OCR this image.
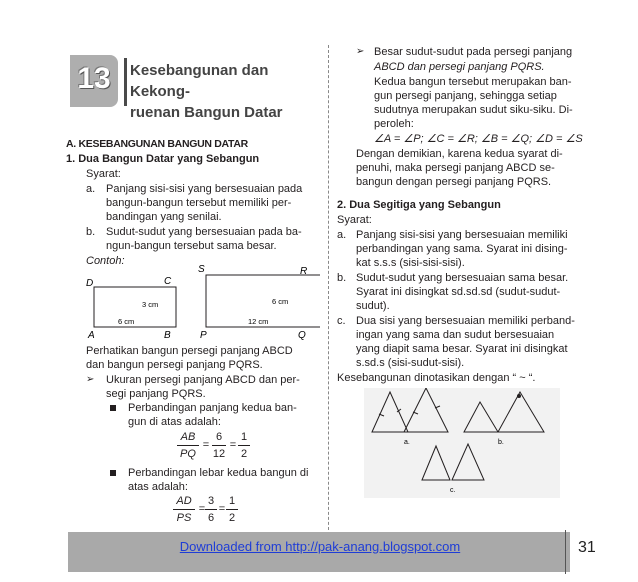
13	Kesebangunan dan Kekong-
ruenan Bangun Datar
A. KESEBANGUNAN BANGUN DATAR
1. Dua Bangun Datar yang Sebangun
Syarat:
a. Panjang sisi-sisi yang bersesuaian pada
bangun-bangun tersebut memiliki per-
bandingan yang senilai.
b. Sudut-sudut yang bersesuaian pada ba-
ngun-bangun tersebut sama besar.
Contoh:
D	C
A	B
6 cm
3 cm
S	R
P	Q
12 cm
6 cm
Perhatikan bangun persegi panjang ABCD
dan bangun persegi panjang PQRS.
➢ Ukuran persegi panjang ABCD dan per-
segi panjang PQRS.
Perbandingan panjang kedua ban-
gun di atas adalah:
AB
PQ
=
6
12
=
1
2
Perbandingan lebar kedua bangun di
atas adalah:
AD
PS
=
3
6
=
1
2
➢ Besar sudut-sudut pada persegi panjang
ABCD dan persegi panjang PQRS.
Kedua bangun tersebut merupakan ban-
gun persegi panjang, sehingga setiap
sudutnya merupakan sudut siku-siku. Di-
peroleh:
∠A = ∠P; ∠C = ∠R; ∠B = ∠Q; ∠D = ∠S
Dengan demikian, karena kedua syarat di-
penuhi, maka persegi panjang ABCD se-
bangun dengan persegi panjang PQRS.
2. Dua Segitiga yang Sebangun
Syarat:
a. Panjang sisi-sisi yang bersesuaian memiliki
perbandingan yang sama. Syarat ini dising-
kat s.s.s (sisi-sisi-sisi).
b. Sudut-sudut yang bersesuaian sama besar.
Syarat ini disingkat sd.sd.sd (sudut-sudut-
sudut).
c. Dua sisi yang bersesuaian memiliki perband-
ingan yang sama dan sudut bersesuaian
yang diapit sama besar. Syarat ini disingkat
s.sd.s (sisi-sudut-sisi).
Kesebangunan dinotasikan dengan “ ~ “.
a.	b.
c.
Downloaded from http://pak-anang.blogspot.com	31
